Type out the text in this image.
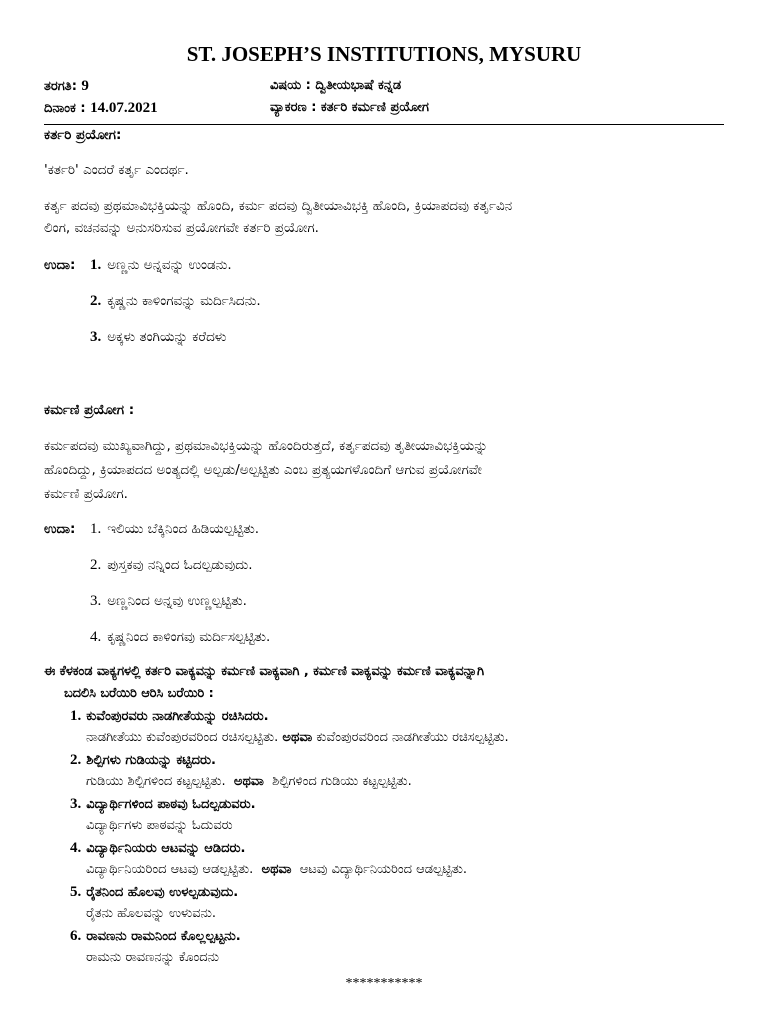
ST. JOSEPH’S INSTITUTIONS, MYSURU
ತರಗತಿ: 9
ದಿನಾಂಕ : 14.07.2021
ವಿಷಯ : ದ್ವಿತೀಯಭಾಷೆ ಕನ್ನಡ
ವ್ಯಾಕರಣ : ಕರ್ತರಿ ಕರ್ಮಣಿ ಪ್ರಯೋಗ
ಕರ್ತರಿ ಪ್ರಯೋಗ:
'ಕರ್ತರಿ' ಎಂದರೆ ಕರ್ತೃ ಎಂದರ್ಥ.
ಕರ್ತೃ ಪದವು ಪ್ರಥಮಾವಿಭಕ್ತಿಯನ್ನು ಹೊಂದಿ, ಕರ್ಮ ಪದವು ದ್ವಿತೀಯಾವಿಭಕ್ತಿ ಹೊಂದಿ, ಕ್ರಿಯಾಪದವು ಕರ್ತೃವಿನ
ಲಿಂಗ, ವಚನವನ್ನು ಅನುಸರಿಸುವ ಪ್ರಯೋಗವೇ ಕರ್ತರಿ ಪ್ರಯೋಗ.
ಉದಾ: 1. ಅಣ್ಣನು ಅನ್ನವನ್ನು ಉಂಡನು.
2. ಕೃಷ್ಣನು ಕಾಳಿಂಗವನ್ನು ಮರ್ದಿಸಿದನು.
3. ಅಕ್ಕಳು ತಂಗಿಯನ್ನು ಕರೆದಳು
ಕರ್ಮಣಿ ಪ್ರಯೋಗ :
ಕರ್ಮಪದವು ಮುಖ್ಯವಾಗಿದ್ದು, ಪ್ರಥಮಾವಿಭಕ್ತಿಯನ್ನು ಹೊಂದಿರುತ್ತದೆ, ಕರ್ತೃಪದವು ತೃತೀಯಾವಿಭಕ್ತಿಯನ್ನು
ಹೊಂದಿದ್ದು, ಕ್ರಿಯಾಪದದ ಅಂತ್ಯದಲ್ಲಿ ಅಲ್ಪಡು/ಅಲ್ಪಟ್ಟಿತು ಎಂಬ ಪ್ರತ್ಯಯಗಳೊಂದಿಗೆ ಆಗುವ ಪ್ರಯೋಗವೇ
ಕರ್ಮಣಿ ಪ್ರಯೋಗ.
ಉದಾ: 1. ಇಲಿಯು ಬೆಕ್ಕಿನಿಂದ ಹಿಡಿಯಲ್ಪಟ್ಟಿತು.
2. ಪುಸ್ತಕವು ನನ್ನಿಂದ ಓದಲ್ಪಡುವುದು.
3. ಅಣ್ಣನಿಂದ ಅನ್ನವು ಉಣ್ಣಲ್ಪಟ್ಟಿತು.
4. ಕೃಷ್ಣನಿಂದ ಕಾಳಿಂಗವು ಮರ್ದಿಸಲ್ಪಟ್ಟಿತು.
ಈ ಕೆಳಕಂಡ ವಾಕ್ಯಗಳಲ್ಲಿ ಕರ್ತರಿ ವಾಕ್ಯವನ್ನು ಕರ್ಮಣಿ ವಾಕ್ಯವಾಗಿ , ಕರ್ಮಣಿ ವಾಕ್ಯವನ್ನು ಕರ್ಮಣಿ ವಾಕ್ಯವನ್ನಾಗಿ
ಬದಲಿಸಿ ಬರೆಯಿರಿ ಆರಿಸಿ ಬರೆಯಿರಿ :
1. ಕುವೆಂಪುರವರು ನಾಡಗೀತೆಯನ್ನು ರಚಿಸಿದರು.
ನಾಡಗೀತೆಯು ಕುವೆಂಪುರವರಿಂದ ರಚಿಸಲ್ಪಟ್ಟಿತು. ಅಥವಾ ಕುವೆಂಪುರವರಿಂದ ನಾಡಗೀತೆಯು ರಚಿಸಲ್ಪಟ್ಟಿತು.
2. ಶಿಲ್ಪಿಗಳು ಗುಡಿಯನ್ನು ಕಟ್ಟಿದರು.
ಗುಡಿಯು ಶಿಲ್ಪಿಗಳಿಂದ ಕಟ್ಟಲ್ಪಟ್ಟಿತು. ಅಥವಾ ಶಿಲ್ಪಿಗಳಿಂದ ಗುಡಿಯು ಕಟ್ಟಲ್ಪಟ್ಟಿತು.
3. ವಿದ್ಯಾರ್ಥಿಗಳಿಂದ ಪಾಠವು ಓದಲ್ಪಡುವರು.
ವಿದ್ಯಾರ್ಥಿಗಳು ಪಾಠವನ್ನು ಓದುವರು
4. ವಿದ್ಯಾರ್ಥಿನಿಯರು ಆಟವನ್ನು ಆಡಿದರು.
ವಿದ್ಯಾರ್ಥಿನಿಯರಿಂದ ಆಟವು ಆಡಲ್ಪಟ್ಟಿತು. ಅಥವಾ ಆಟವು ವಿದ್ಯಾರ್ಥಿನಿಯರಿಂದ ಆಡಲ್ಪಟ್ಟಿತು.
5. ರೈತನಿಂದ ಹೊಲವು ಉಳಲ್ಪಡುವುದು.
ರೈತನು ಹೊಲವನ್ನು ಉಳುವನು.
6. ರಾವಣನು ರಾಮನಿಂದ ಕೊಲ್ಲಲ್ಪಟ್ಟನು.
ರಾಮನು ರಾವಣನನ್ನು ಕೊಂದನು
***********
